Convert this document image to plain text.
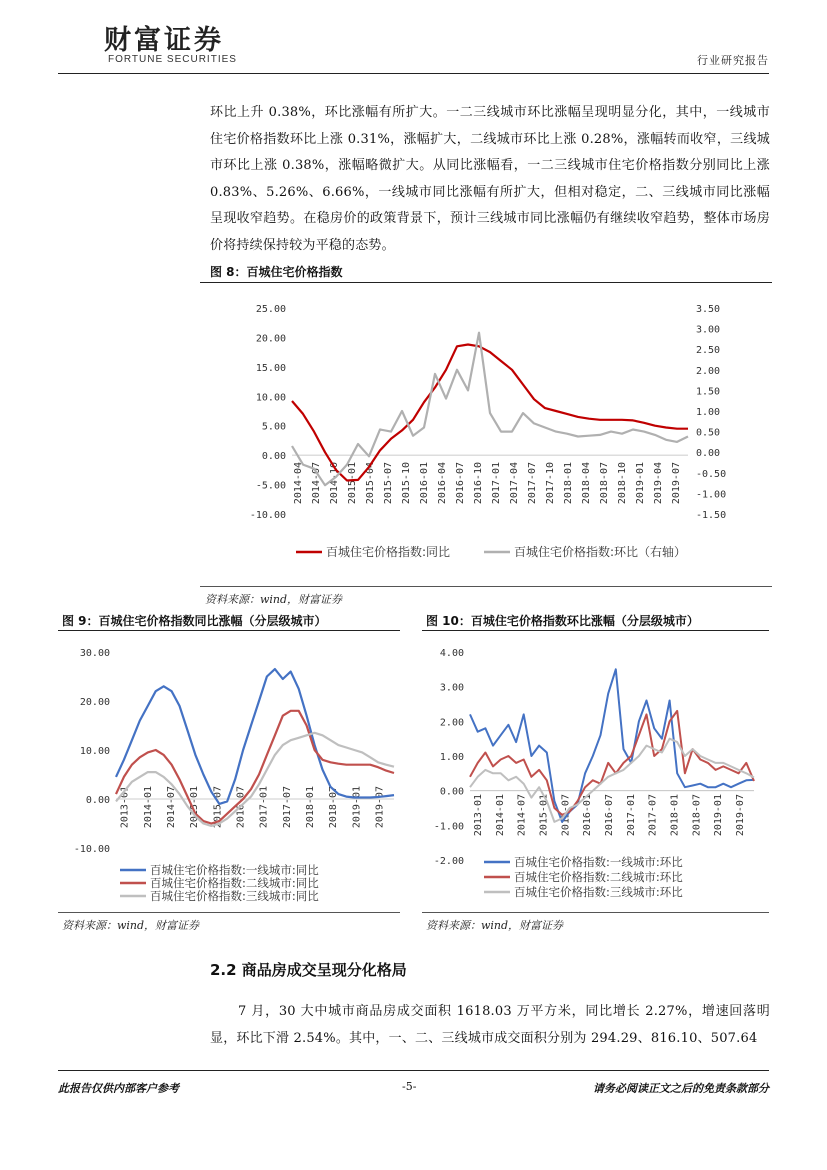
财富证券
FORTUNE SECURITIES	行业研究报告
环比上升 0.38%，环比涨幅有所扩大。一二三线城市环比涨幅呈现明显分化，其中，一线城市住宅价格指数环比上涨 0.31%，涨幅扩大，二线城市环比上涨 0.28%，涨幅转而收窄，三线城市环比上涨 0.38%，涨幅略微扩大。从同比涨幅看，一二三线城市住宅价格指数分别同比上涨 0.83%、5.26%、6.66%，一线城市同比涨幅有所扩大，但相对稳定，二、三线城市同比涨幅呈现收窄趋势。在稳房价的政策背景下，预计三线城市同比涨幅仍有继续收窄趋势，整体市场房价将持续保持较为平稳的态势。
图 8：百城住宅价格指数
25.00
20.00
15.00
10.00
5.00
0.00
-5.00
-10.00
3.50
3.00
2.50
2.00
1.50
1.00
0.50
0.00
-0.50
-1.00
-1.50
2014-04 2014-07 2014-10 2015-01 2015-04 2015-07 2015-10 2016-01 2016-04 2016-07 2016-10 2017-01 2017-04 2017-07 2017-10 2018-01 2018-04 2018-07 2018-10 2019-01 2019-04 2019-07
百城住宅价格指数:同比	百城住宅价格指数:环比（右轴）
资料来源：wind，财富证券
图 9：百城住宅价格指数同比涨幅（分层级城市）
30.00
20.00
10.00
0.00
-10.00
2013-01 2014-01 2014-07 2015-01 2015-07 2016-07 2017-01 2017-07 2018-01 2018-07 2019-01 2019-07
百城住宅价格指数:一线城市:同比
百城住宅价格指数:二线城市:同比
百城住宅价格指数:三线城市:同比
资料来源：wind，财富证券
图 10：百城住宅价格指数环比涨幅（分层级城市）
4.00
3.00
2.00
1.00
0.00
-1.00
-2.00
2013-01 2014-01 2014-07 2015-01 2015-07 2016-01 2016-07 2017-01 2017-07 2018-01 2018-07 2019-01 2019-07
百城住宅价格指数:一线城市:环比
百城住宅价格指数:二线城市:环比
百城住宅价格指数:三线城市:环比
资料来源：wind，财富证券
2.2 商品房成交呈现分化格局
7 月，30 大中城市商品房成交面积 1618.03 万平方米，同比增长 2.27%，增速回落明显，环比下滑 2.54%。其中，一、二、三线城市成交面积分别为 294.29、816.10、507.64
此报告仅供内部客户参考	-5-	请务必阅读正文之后的免责条款部分
